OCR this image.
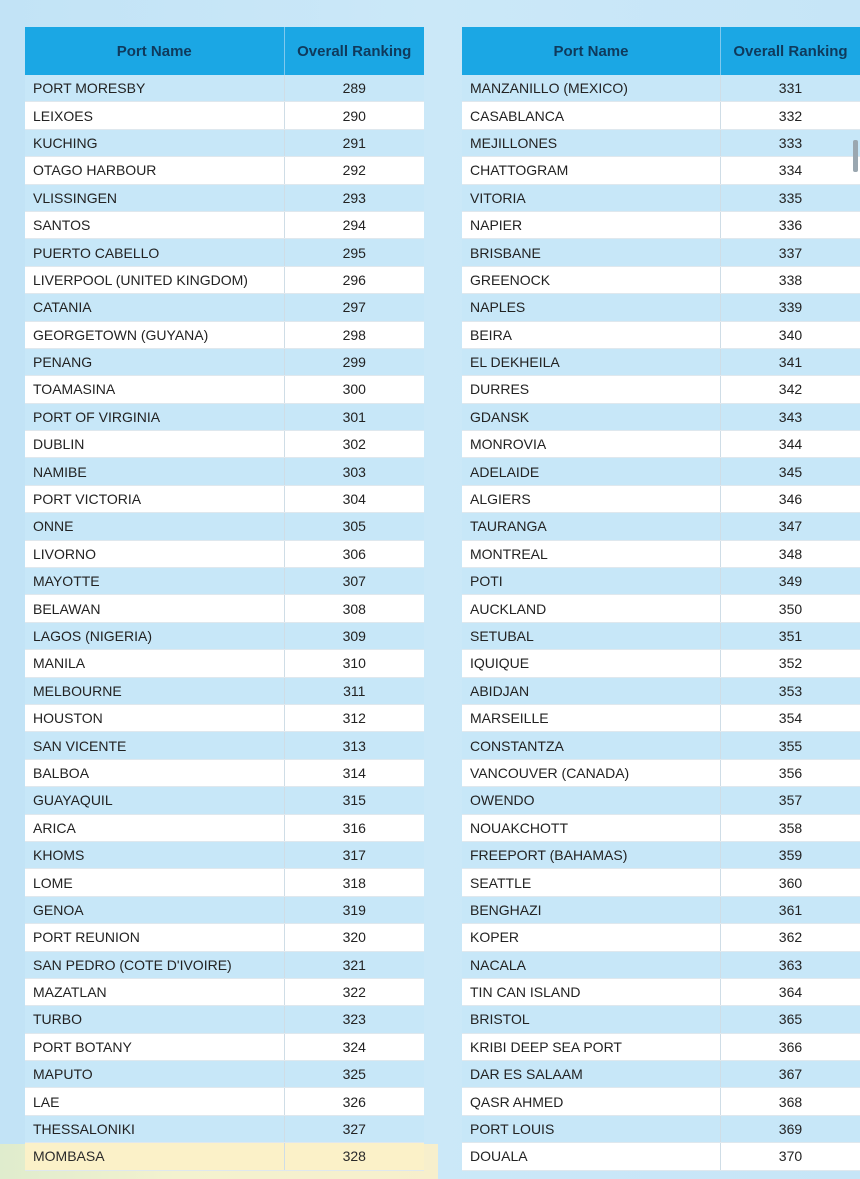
Port Name	Overall Ranking
PORT MORESBY	289
LEIXOES	290
KUCHING	291
OTAGO HARBOUR	292
VLISSINGEN	293
SANTOS	294
PUERTO CABELLO	295
LIVERPOOL (UNITED KINGDOM)	296
CATANIA	297
GEORGETOWN (GUYANA)	298
PENANG	299
TOAMASINA	300
PORT OF VIRGINIA	301
DUBLIN	302
NAMIBE	303
PORT VICTORIA	304
ONNE	305
LIVORNO	306
MAYOTTE	307
BELAWAN	308
LAGOS (NIGERIA)	309
MANILA	310
MELBOURNE	311
HOUSTON	312
SAN VICENTE	313
BALBOA	314
GUAYAQUIL	315
ARICA	316
KHOMS	317
LOME	318
GENOA	319
PORT REUNION	320
SAN PEDRO (COTE D'IVOIRE)	321
MAZATLAN	322
TURBO	323
PORT BOTANY	324
MAPUTO	325
LAE	326
THESSALONIKI	327
MOMBASA	328
Port Name	Overall Ranking
MANZANILLO (MEXICO)	331
CASABLANCA	332
MEJILLONES	333
CHATTOGRAM	334
VITORIA	335
NAPIER	336
BRISBANE	337
GREENOCK	338
NAPLES	339
BEIRA	340
EL DEKHEILA	341
DURRES	342
GDANSK	343
MONROVIA	344
ADELAIDE	345
ALGIERS	346
TAURANGA	347
MONTREAL	348
POTI	349
AUCKLAND	350
SETUBAL	351
IQUIQUE	352
ABIDJAN	353
MARSEILLE	354
CONSTANTZA	355
VANCOUVER (CANADA)	356
OWENDO	357
NOUAKCHOTT	358
FREEPORT (BAHAMAS)	359
SEATTLE	360
BENGHAZI	361
KOPER	362
NACALA	363
TIN CAN ISLAND	364
BRISTOL	365
KRIBI DEEP SEA PORT	366
DAR ES SALAAM	367
QASR AHMED	368
PORT LOUIS	369
DOUALA	370
